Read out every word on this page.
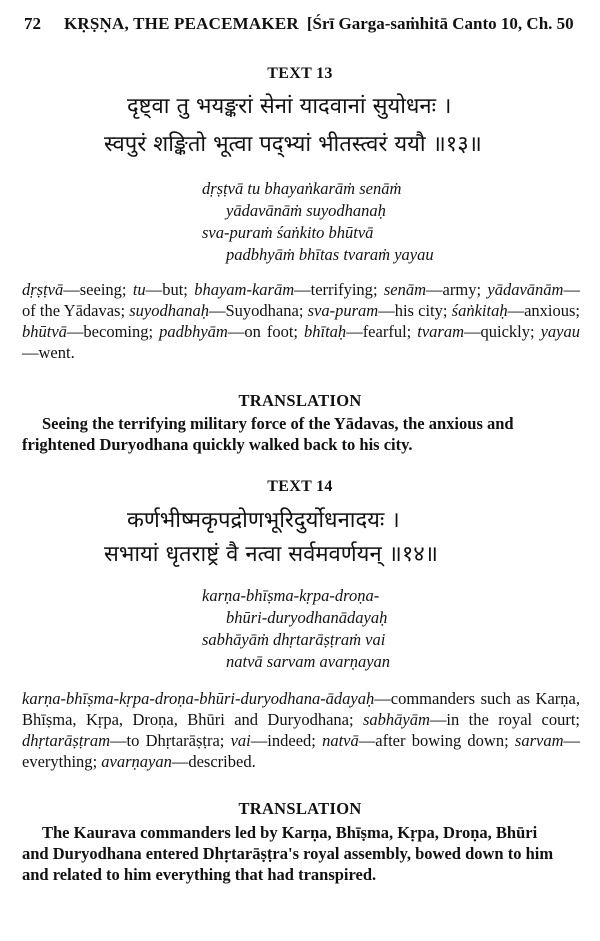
72 KṚṢṆA, THE PEACEMAKER [Śrī Garga-saṁhitā Canto 10, Ch. 50
TEXT 13
दृष्ट्वा तु भयङ्करां सेनां यादवानां सुयोधनः ।
स्वपुरं शङ्कितो भूत्वा पद्भ्यां भीतस्त्वरं ययौ ॥१३॥
dṛṣṭvā tu bhayaṅkarāṁ senāṁ
yādavānāṁ suyodhanaḥ
sva-puraṁ śaṅkito bhūtvā
padbhyāṁ bhītas tvaraṁ yayau
dṛṣṭvā—seeing; tu—but; bhayam-karām—terrifying; senām—army; yādavānām—of the Yādavas; suyodhanaḥ—Suyodhana; sva-puram—his city; śaṅkitaḥ—anxious; bhūtvā—becoming; padbhyām—on foot; bhītaḥ—fearful; tvaram—quickly; yayau—went.
TRANSLATION
Seeing the terrifying military force of the Yādavas, the anxious and
frightened Duryodhana quickly walked back to his city.
TEXT 14
कर्णभीष्मकृपद्रोणभूरिदुर्योधनादयः ।
सभायां धृतराष्ट्रं वै नत्वा सर्वमवर्णयन् ॥१४॥
karṇa-bhīṣma-kṛpa-droṇa-
bhūri-duryodhanādayaḥ
sabhāyāṁ dhṛtarāṣṭraṁ vai
natvā sarvam avarṇayan
karṇa-bhīṣma-kṛpa-droṇa-bhūri-duryodhana-ādayaḥ—commanders such as Karṇa, Bhīṣma, Kṛpa, Droṇa, Bhūri and Duryodhana; sabhāyām—in the royal court; dhṛtarāṣṭram—to Dhṛtarāṣṭra; vai—indeed; natvā—after bowing down; sarvam—everything; avarṇayan—described.
TRANSLATION
The Kaurava commanders led by Karṇa, Bhīṣma, Kṛpa, Droṇa, Bhūri
and Duryodhana entered Dhṛtarāṣṭra's royal assembly, bowed down to him
and related to him everything that had transpired.
